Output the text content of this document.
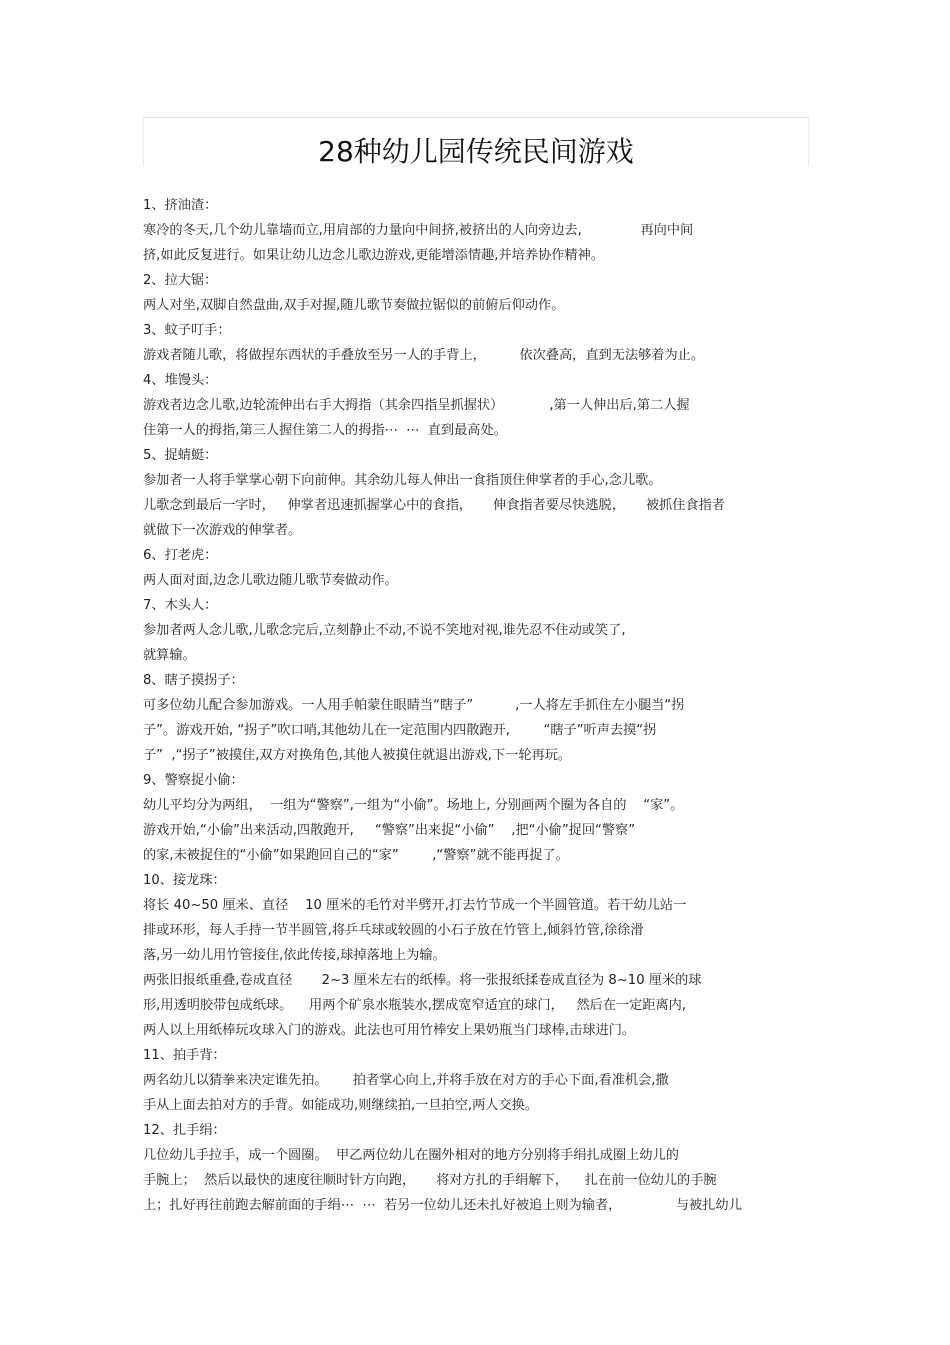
28种幼儿园传统民间游戏
1、挤油渣：
寒冷的冬天,几个幼儿靠墙而立,用肩部的力量向中间挤,被挤出的人向旁边去,              再向中间
挤,如此反复进行。如果让幼儿边念儿歌边游戏,更能增添情趣,并培养协作精神。
2、拉大锯：
两人对坐,双脚自然盘曲,双手对握,随儿歌节奏做拉锯似的前俯后仰动作。
3、蚊子叮手：
游戏者随儿歌，将做捏东西状的手叠放至另一人的手背上，        依次叠高，直到无法够着为止。
4、堆馒头：
游戏者边念儿歌,边轮流伸出右手大拇指（其余四指呈抓握状）           ,第一人伸出后,第二人握
住第一人的拇指,第三人握住第二人的拇指⋯  ⋯  直到最高处。
5、捉蜻蜓：
参加者一人将手掌掌心朝下向前伸。其余幼儿每人伸出一食指顶住伸掌者的手心,念儿歌。
儿歌念到最后一字时，   伸掌者迅速抓握掌心中的食指，     伸食指者要尽快逃脱，     被抓住食指者
就做下一次游戏的伸掌者。
6、打老虎：
两人面对面,边念儿歌边随儿歌节奏做动作。
7、木头人：
参加者两人念儿歌,儿歌念完后,立刻静止不动,不说不笑地对视,谁先忍不住动或笑了,
就算输。
8、瞎子摸拐子：
可多位幼儿配合参加游戏。一人用手帕蒙住眼睛当“瞎子”          ,一人将左手抓住左小腿当“拐
子”。游戏开始, “拐子”吹口哨,其他幼儿在一定范围内四散跑开,        “瞎子”听声去摸“拐
子”  ,“拐子”被摸住,双方对换角色,其他人被摸住就退出游戏,下一轮再玩。
9、警察捉小偷：
幼儿平均分为两组，  一组为“警察”,一组为“小偷”。场地上, 分别画两个圈为各自的    “家”。
游戏开始,“小偷”出来活动,四散跑开,     “警察”出来捉“小偷”    ,把“小偷”捉回“警察”
的家,未被捉住的“小偷”如果跑回自己的“家”        ,“警察”就不能再捉了。
10、接龙珠：
将长 40~50 厘米、直径    10 厘米的毛竹对半劈开,打去竹节成一个半圆管道。若干幼儿站一
排或环形，每人手持一节半圆管,将乒乓球或较圆的小石子放在竹管上,倾斜竹管,徐徐滑
落,另一幼儿用竹管接住,依此传接,球掉落地上为输。
两张旧报纸重叠,卷成直径       2~3 厘米左右的纸棒。将一张报纸揉卷成直径为 8~10 厘米的球
形,用透明胶带包成纸球。    用两个矿泉水瓶装水,摆成宽窄适宜的球门，   然后在一定距离内,
两人以上用纸棒玩攻球入门的游戏。此法也可用竹棒安上果奶瓶当门球棒,击球进门。
11、拍手背：
两名幼儿以猜拳来决定谁先拍。      拍者掌心向上,并将手放在对方的手心下面,看准机会,撒
手从上面去拍对方的手背。如能成功,则继续拍,一旦拍空,两人交换。
12、扎手绢：
几位幼儿手拉手，成一个圆圈。  甲乙两位幼儿在圈外相对的地方分别将手绢扎成圈上幼儿的
手腕上；  然后以最快的速度往顺时针方向跑，     将对方扎的手绢解下，    扎在前一位幼儿的手腕
上；扎好再往前跑去解前面的手绢⋯  ⋯  若另一位幼儿还未扎好被追上则为输者，             与被扎幼儿
